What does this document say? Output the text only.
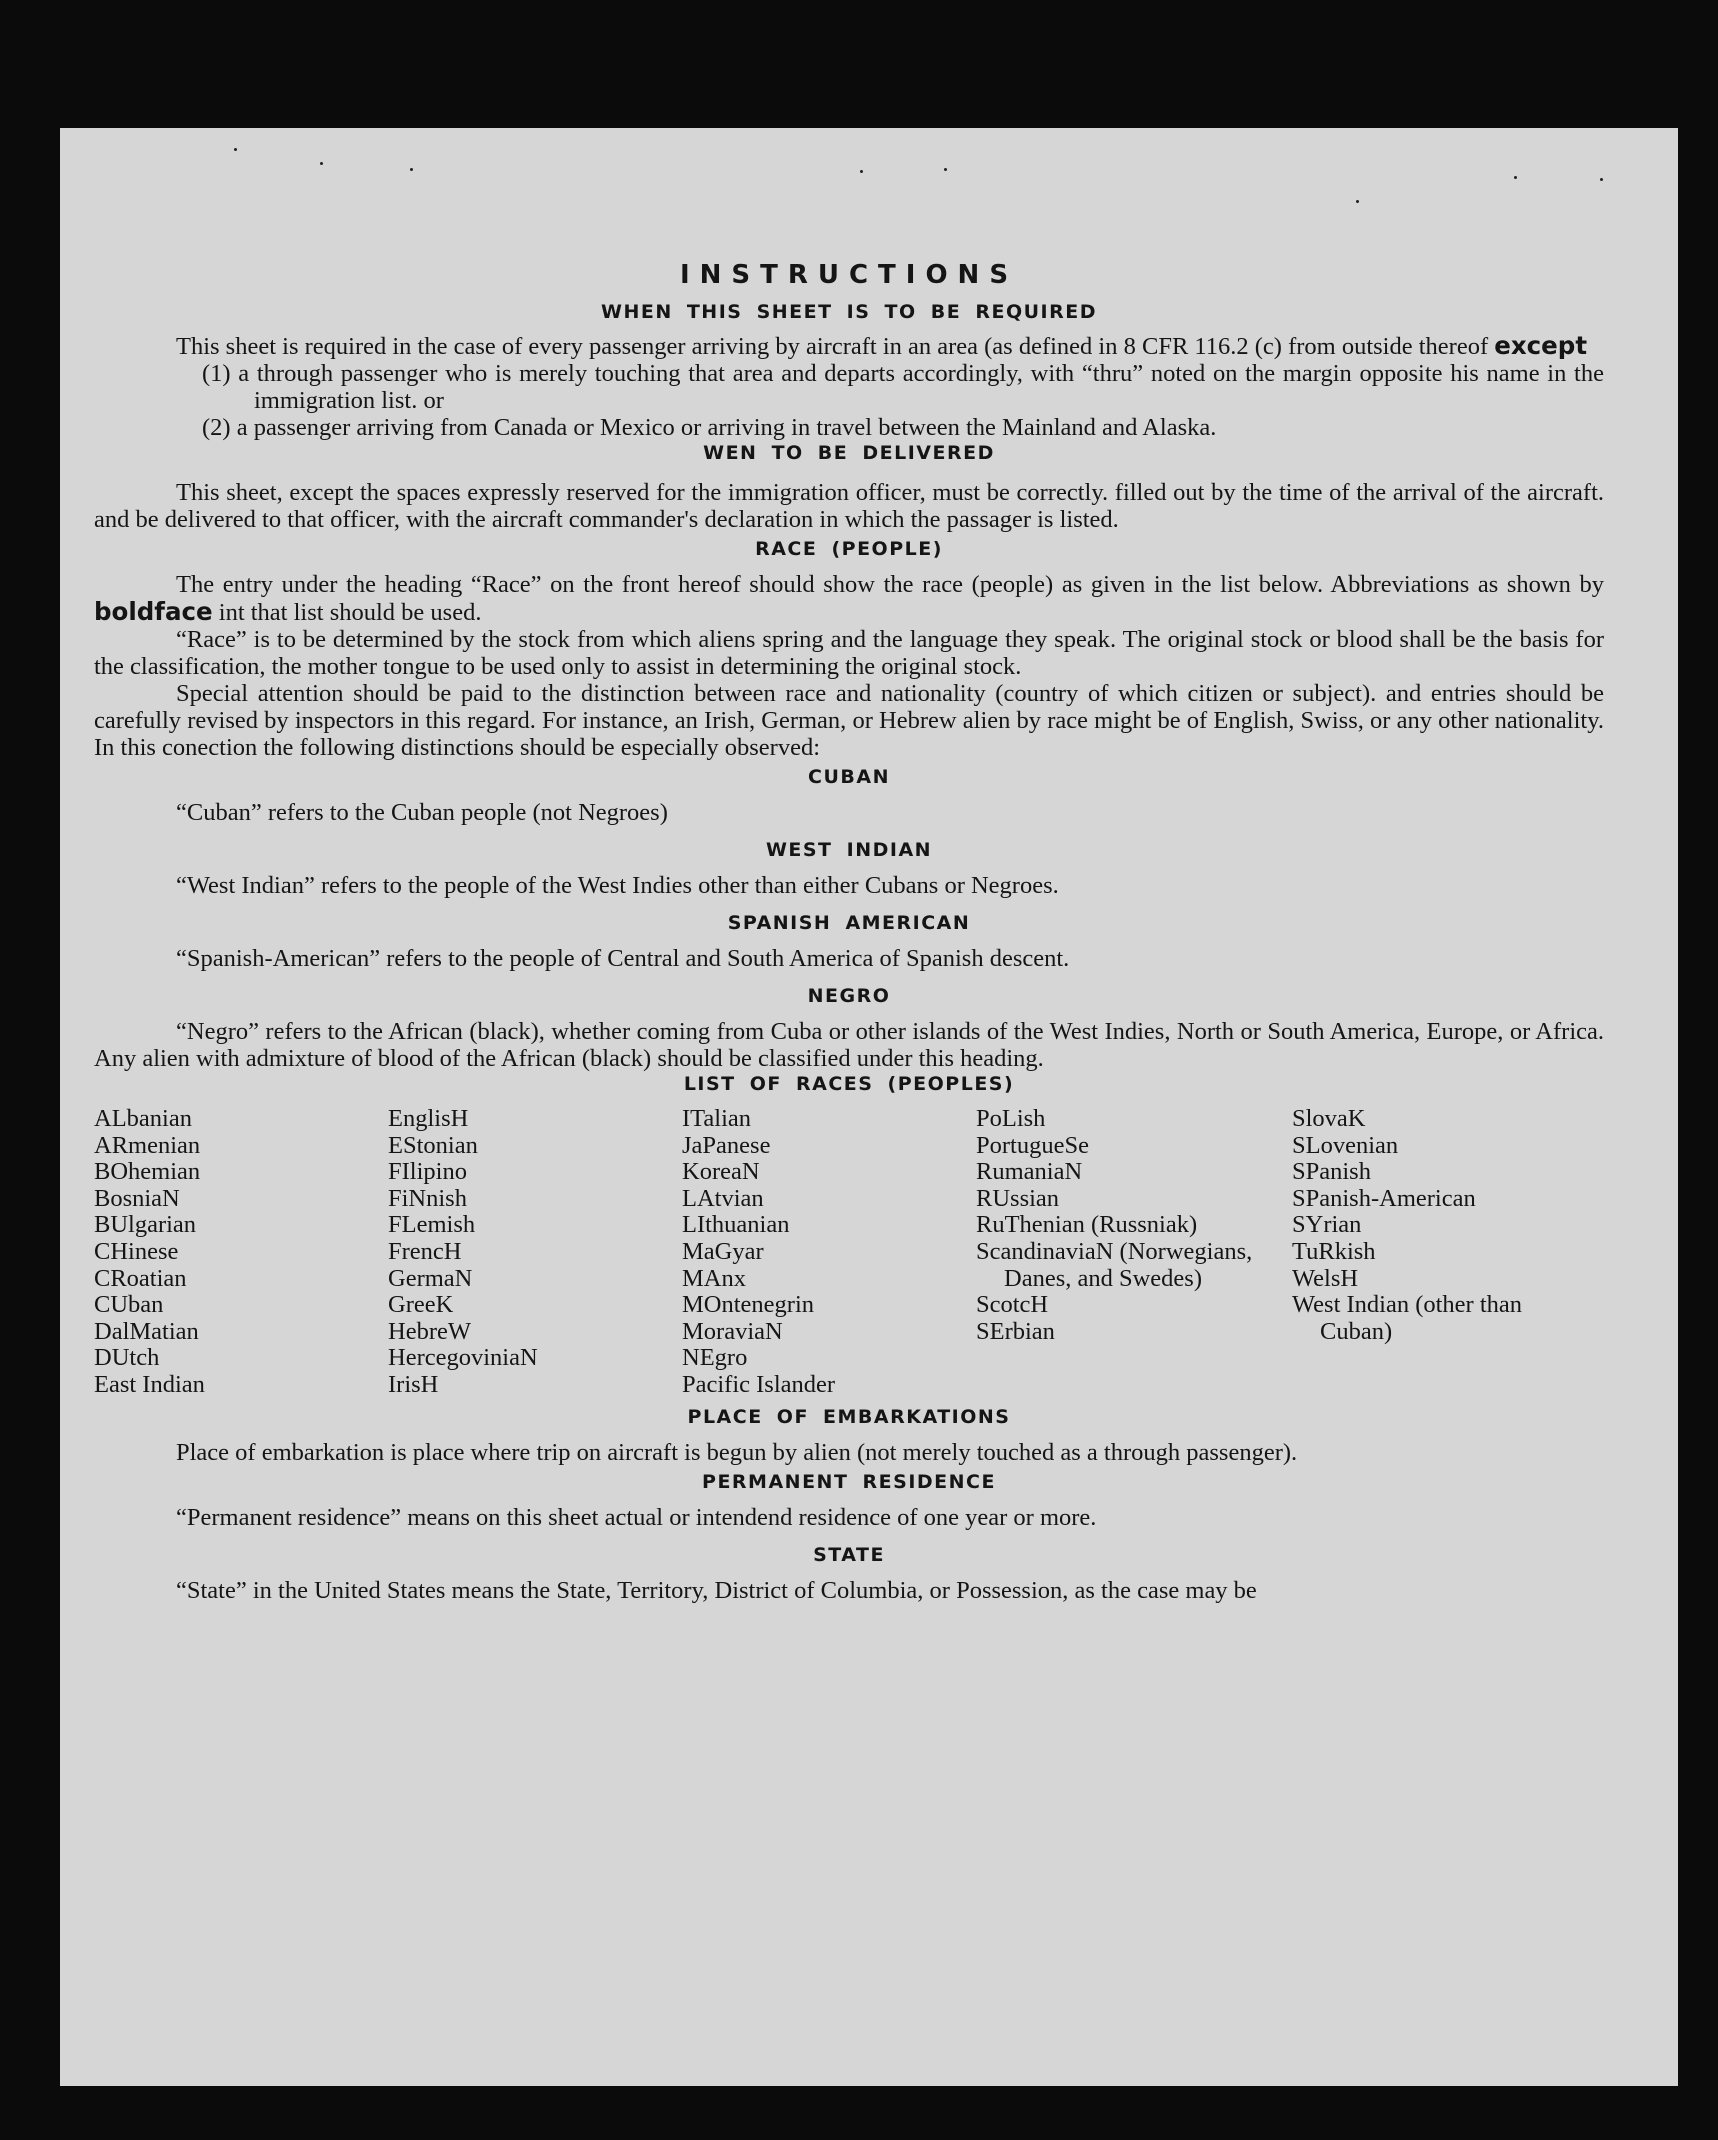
INSTRUCTIONS
WHEN THIS SHEET IS TO BE REQUIRED

This sheet is required in the case of every passenger arriving by aircraft in an area (as defined in 8 CFR 116.2 (c) from outside thereof except

(1) a through passenger who is merely touching that area and departs accordingly, with “thru” noted on the margin opposite his name in the immigration list. or
(2) a passenger arriving from Canada or Mexico or arriving in travel between the Mainland and Alaska.
WEN TO BE DELIVERED

This sheet, except the spaces expressly reserved for the immigration officer, must be correctly. filled out by the time of the arrival of the aircraft. and be delivered to that officer, with the aircraft commander's declaration in which the passager is listed.

RACE (PEOPLE)

The entry under the heading “Race” on the front hereof should show the race (people) as given in the list below. Abbreviations as shown by boldface int that list should be used.

“Race” is to be determined by the stock from which aliens spring and the language they speak. The original stock or blood shall be the basis for the classification, the mother tongue to be used only to assist in determining the original stock.

Special attention should be paid to the distinction between race and nationality (country of which citizen or subject). and entries should be carefully revised by inspectors in this regard. For instance, an Irish, German, or Hebrew alien by race might be of English, Swiss, or any other nationality. In this conection the following distinctions should be especially observed:

CUBAN

“Cuban” refers to the Cuban people (not Negroes)

WEST INDIAN

“West Indian” refers to the people of the West Indies other than either Cubans or Negroes.

SPANISH AMERICAN

“Spanish-American” refers to the people of Central and South America of Spanish descent.

NEGRO

“Negro” refers to the African (black), whether coming from Cuba or other islands of the West Indies, North or South America, Europe, or Africa. Any alien with admixture of blood of the African (black) should be classified under this heading.

LIST OF RACES (PEOPLES)
ALbanian
ARmenian
BOhemian
BosniaN
BUlgarian
CHinese
CRoatian
CUban
DalMatian
DUtch
East Indian
EnglisH
EStonian
FIlipino
FiNnish
FLemish
FrencH
GermaN
GreeK
HebreW
HercegoviniaN
IrisH
ITalian
JaPanese
KoreaN
LAtvian
LIthuanian
MaGyar
MAnx
MOntenegrin
MoraviaN
NEgro
Pacific Islander
PoLish
PortugueSe
RumaniaN
RUssian
RuThenian (Russniak)
ScandinaviaN (Norwegians, Danes, and Swedes)
ScotcH
SErbian
SlovaK
SLovenian
SPanish
SPanish-American
SYrian
TuRkish
WelsH
West Indian (other than Cuban)
PLACE OF EMBARKATIONS

Place of embarkation is place where trip on aircraft is begun by alien (not merely touched as a through passenger).

PERMANENT RESIDENCE

“Permanent residence” means on this sheet actual or intendend residence of one year or more.

STATE

“State” in the United States means the State, Territory, District of Columbia, or Possession, as the case may be
